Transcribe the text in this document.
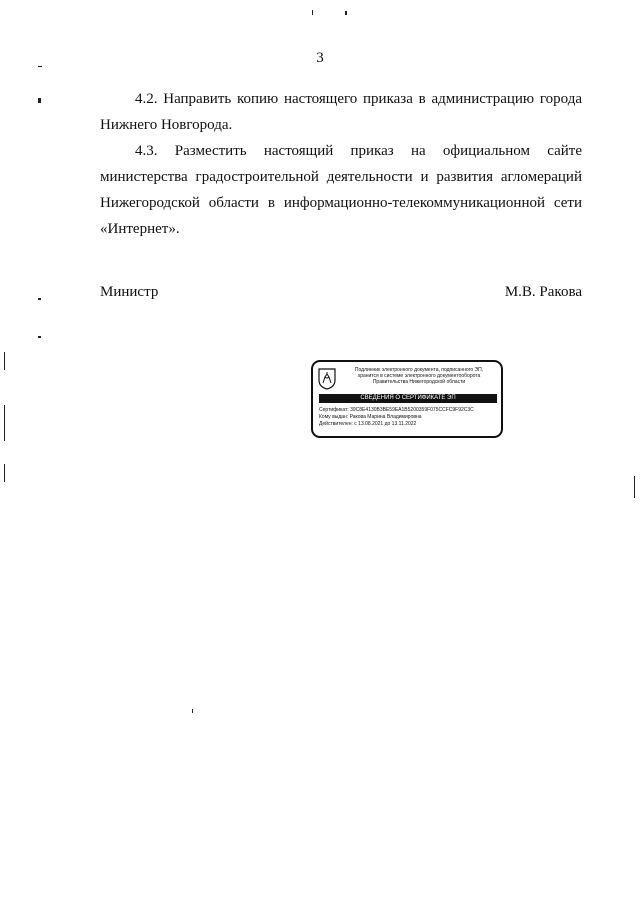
3

4.2. Направить копию настоящего приказа в администрацию города Нижнего Новгорода.

4.3. Разместить настоящий приказ на официальном сайте министерства градостроительной деятельности и развития агломераций Нижегородской области в информационно-телекоммуникационной сети «Интернет».

Министр	М.В. Ракова
Подлинник электронного документа, подписанного ЭП,
хранится в системе электронного документооборота
Правительства Нижегородской области
СВЕДЕНИЯ О СЕРТИФИКАТЕ ЭП
Сертификат: 39C8E4130B3BE59EA1B5200359F075CCFC9F92C3C
Кому выдан: Ракова Марина Владимировна
Действителен: с 13.08.2021 до 13.11.2022
